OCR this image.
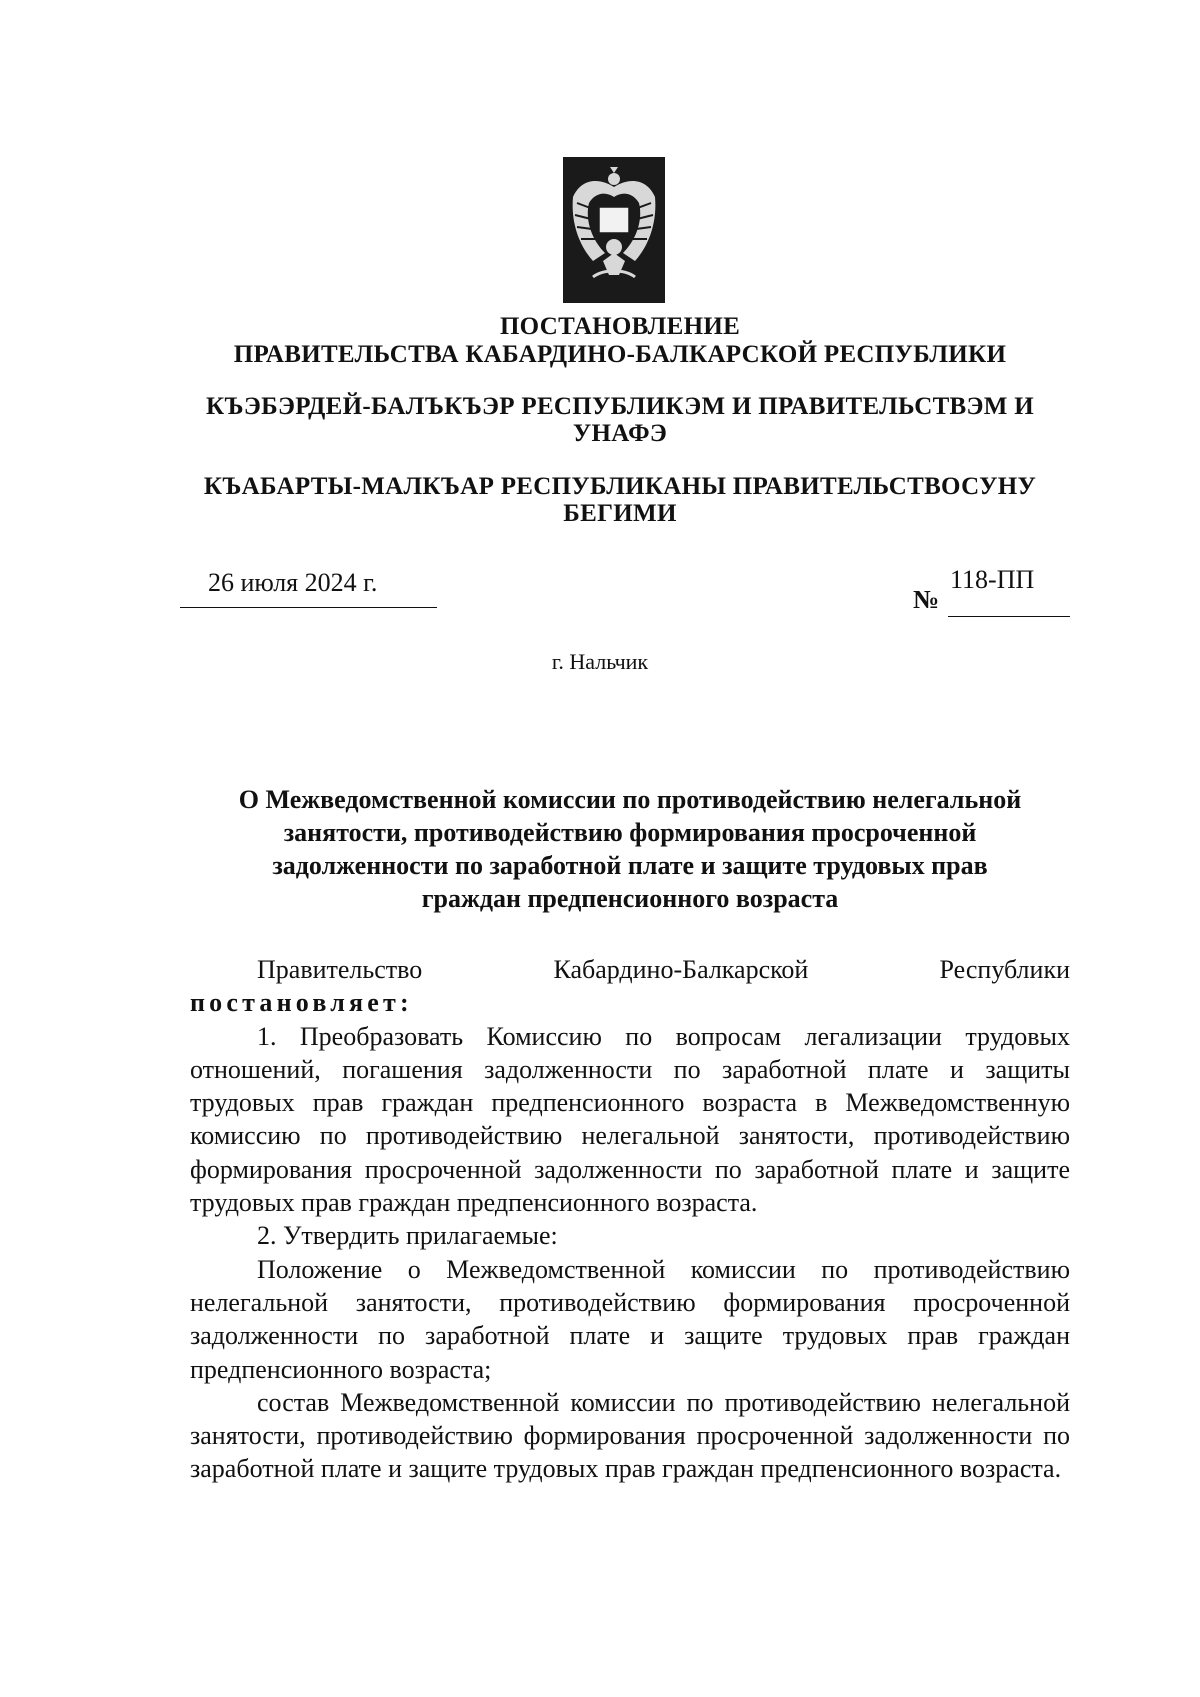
ПОСТАНОВЛЕНИЕ
ПРАВИТЕЛЬСТВА КАБАРДИНО-БАЛКАРСКОЙ РЕСПУБЛИКИ
КЪЭБЭРДЕЙ-БАЛЪКЪЭР РЕСПУБЛИКЭМ И ПРАВИТЕЛЬСТВЭМ И
УНАФЭ
КЪАБАРТЫ-МАЛКЪАР РЕСПУБЛИКАНЫ ПРАВИТЕЛЬСТВОСУНУ
БЕГИМИ
26 июля 2024 г.
№
118-ПП
г. Нальчик
О Межведомственной комиссии по противодействию нелегальной
занятости, противодействию формирования просроченной
задолженности по заработной плате и защите трудовых прав
граждан предпенсионного возраста

Правительство Кабардино-Балкарской Республики

постановляет:

1. Преобразовать Комиссию по вопросам легализации трудовых отношений, погашения задолженности по заработной плате и защиты трудовых прав граждан предпенсионного возраста в Межведомственную комиссию по противодействию нелегальной занятости, противодействию формирования просроченной задолженности по заработной плате и защите трудовых прав граждан предпенсионного возраста.

2. Утвердить прилагаемые:

Положение о Межведомственной комиссии по противодействию нелегальной занятости, противодействию формирования просроченной задолженности по заработной плате и защите трудовых прав граждан предпенсионного возраста;

состав Межведомственной комиссии по противодействию нелегальной занятости, противодействию формирования просроченной задолженности по заработной плате и защите трудовых прав граждан предпенсионного возраста.
